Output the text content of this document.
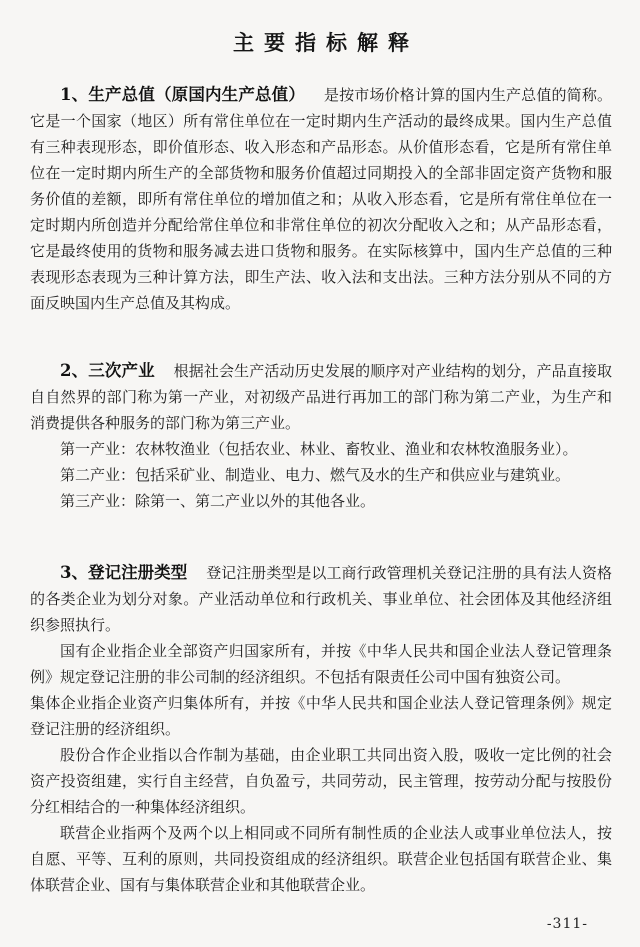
主要指标解释

1、生产总值（原国内生产总值） 是按市场价格计算的国内生产总值的简称。它是一个国家（地区）所有常住单位在一定时期内生产活动的最终成果。国内生产总值有三种表现形态，即价值形态、收入形态和产品形态。从价值形态看，它是所有常住单位在一定时期内所生产的全部货物和服务价值超过同期投入的全部非固定资产货物和服务价值的差额，即所有常住单位的增加值之和；从收入形态看，它是所有常住单位在一定时期内所创造并分配给常住单位和非常住单位的初次分配收入之和；从产品形态看，它是最终使用的货物和服务减去进口货物和服务。在实际核算中，国内生产总值的三种表现形态表现为三种计算方法，即生产法、收入法和支出法。三种方法分别从不同的方面反映国内生产总值及其构成。

2、三次产业 根据社会生产活动历史发展的顺序对产业结构的划分，产品直接取自自然界的部门称为第一产业，对初级产品进行再加工的部门称为第二产业，为生产和消费提供各种服务的部门称为第三产业。

第一产业：农林牧渔业（包括农业、林业、畜牧业、渔业和农林牧渔服务业）。

第二产业：包括采矿业、制造业、电力、燃气及水的生产和供应业与建筑业。

第三产业：除第一、第二产业以外的其他各业。

3、登记注册类型 登记注册类型是以工商行政管理机关登记注册的具有法人资格的各类企业为划分对象。产业活动单位和行政机关、事业单位、社会团体及其他经济组织参照执行。

国有企业指企业全部资产归国家所有，并按《中华人民共和国企业法人登记管理条例》规定登记注册的非公司制的经济组织。不包括有限责任公司中国有独资公司。

集体企业指企业资产归集体所有，并按《中华人民共和国企业法人登记管理条例》规定登记注册的经济组织。

股份合作企业指以合作制为基础，由企业职工共同出资入股，吸收一定比例的社会资产投资组建，实行自主经营，自负盈亏，共同劳动，民主管理，按劳动分配与按股份分红相结合的一种集体经济组织。

联营企业指两个及两个以上相同或不同所有制性质的企业法人或事业单位法人，按自愿、平等、互利的原则，共同投资组成的经济组织。联营企业包括国有联营企业、集体联营企业、国有与集体联营企业和其他联营企业。

-311-
